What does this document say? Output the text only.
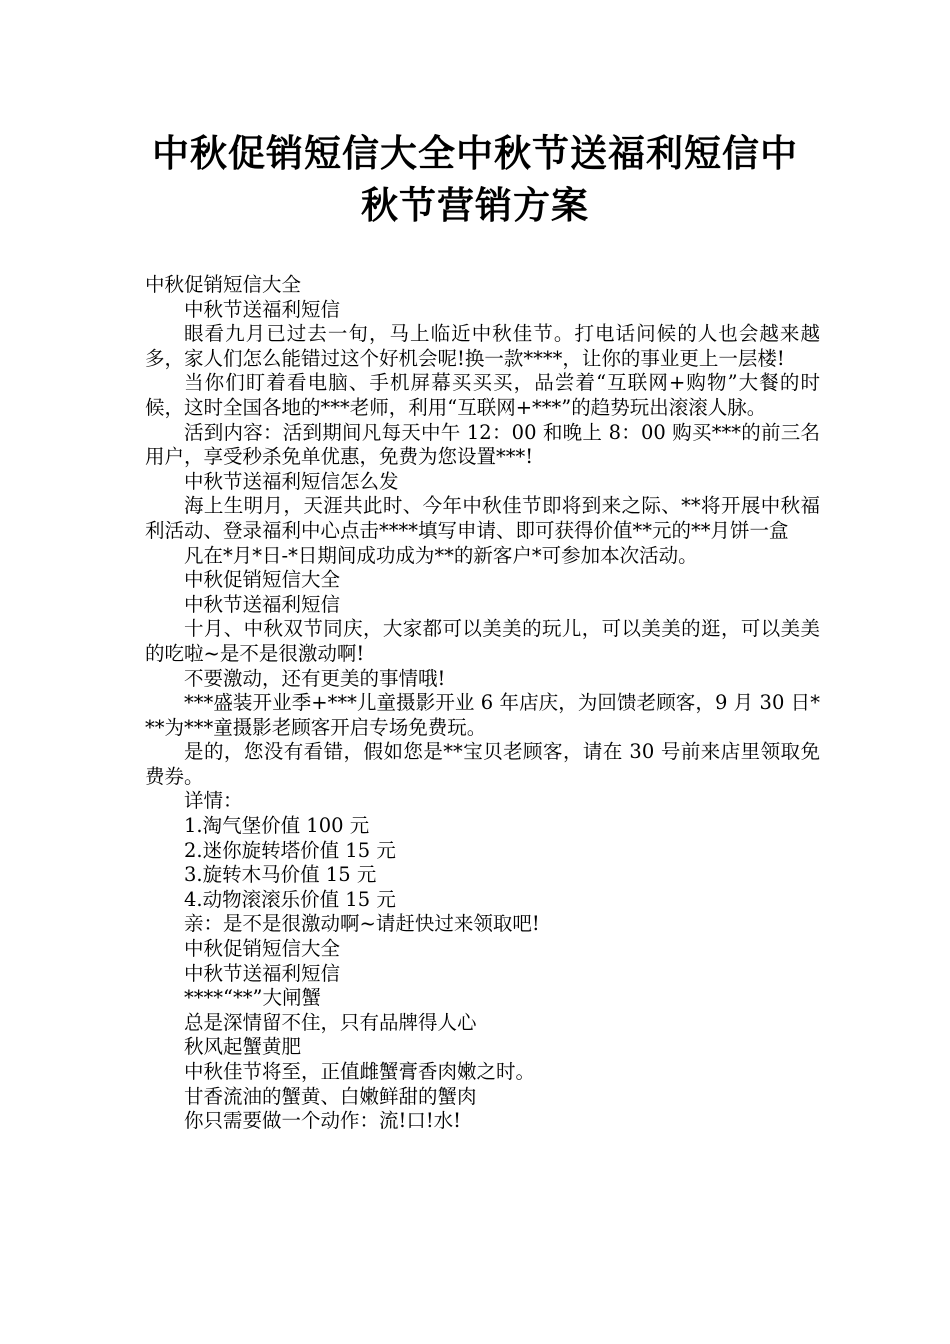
中秋促销短信大全中秋节送福利短信中秋节营销方案

中秋促销短信大全

中秋节送福利短信

眼看九月已过去一旬，马上临近中秋佳节。打电话问候的人也会越来越多，家人们怎么能错过这个好机会呢!换一款****，让你的事业更上一层楼!

当你们盯着看电脑、手机屏幕买买买，品尝着“互联网+购物”大餐的时候，这时全国各地的***老师，利用“互联网+***”的趋势玩出滚滚人脉。

活到内容：活到期间凡每天中午 12：00 和晚上 8：00 购买***的前三名用户，享受秒杀免单优惠，免费为您设置***!

中秋节送福利短信怎么发

海上生明月，天涯共此时、今年中秋佳节即将到来之际、**将开展中秋福利活动、登录福利中心点击****填写申请、即可获得价值**元的**月饼一盒

凡在*月*日-*日期间成功成为**的新客户*可参加本次活动。

中秋促销短信大全

中秋节送福利短信

十月、中秋双节同庆，大家都可以美美的玩儿，可以美美的逛，可以美美的吃啦~是不是很激动啊!

不要激动，还有更美的事情哦!

***盛装开业季+***儿童摄影开业 6 年店庆，为回馈老顾客，9 月 30 日***为***童摄影老顾客开启专场免费玩。

是的，您没有看错，假如您是**宝贝老顾客，请在 30 号前来店里领取免费券。

详情：

1.淘气堡价值 100 元

2.迷你旋转塔价值 15 元

3.旋转木马价值 15 元

4.动物滚滚乐价值 15 元

亲：是不是很激动啊~请赶快过来领取吧!

中秋促销短信大全

中秋节送福利短信

****“**”大闸蟹

总是深情留不住，只有品牌得人心

秋风起蟹黄肥

中秋佳节将至，正值雌蟹膏香肉嫩之时。

甘香流油的蟹黄、白嫩鲜甜的蟹肉

你只需要做一个动作：流!口!水!
